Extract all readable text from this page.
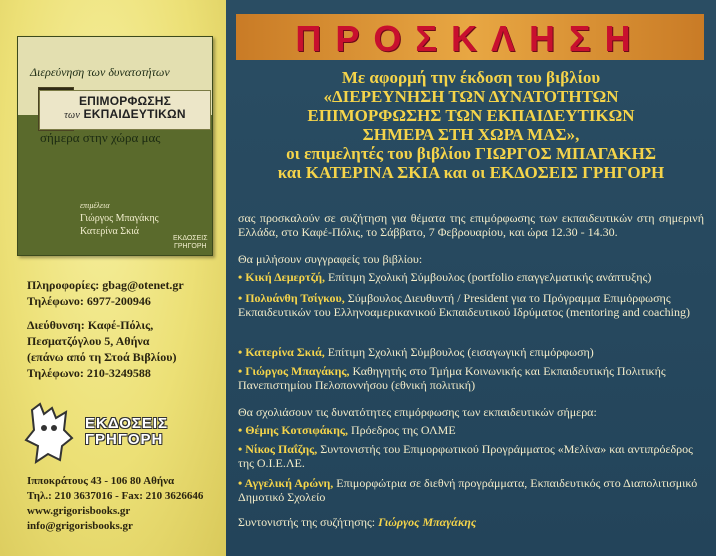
Διερεύνηση των δυνατοτήτων
ΕΠΙΜΟΡΦΩΣΗΣ
των ΕΚΠΑΙΔΕΥΤΙΚΩΝ
σήμερα στην χώρα μας
επιμέλεια
Γιώργος Μπαγάκης
Κατερίνα Σκιά
ΕΚΔΟΣΕΙΣ
ΓΡΗΓΟΡΗ
Πληροφορίες: gbag@otenet.gr
Τηλέφωνο: 6977-200946
Διεύθυνση: Καφέ-Πόλις,
Πεσματζόγλου 5, Αθήνα
(επάνω από τη Στοά Βιβλίου)
Τηλέφωνο: 210-3249588
ΕΚΔΟΣΕΙΣ
ΓΡΗΓΟΡΗ
Ιπποκράτους 43 - 106 80 Αθήνα
Τηλ.: 210 3637016 - Fax: 210 3626646
www.grigorisbooks.gr
info@grigorisbooks.gr
ΠΡΟΣΚΛΗΣΗ
Με αφορμή την έκδοση του βιβλίου
«ΔΙΕΡΕΥΝΗΣΗ ΤΩΝ ΔΥΝΑΤΟΤΗΤΩΝ
ΕΠΙΜΟΡΦΩΣΗΣ ΤΩΝ ΕΚΠΑΙΔΕΥΤΙΚΩΝ
ΣΗΜΕΡΑ ΣΤΗ ΧΩΡΑ ΜΑΣ»,
οι επιμελητές του βιβλίου ΓΙΩΡΓΟΣ ΜΠΑΓΑΚΗΣ
και ΚΑΤΕΡΙΝΑ ΣΚΙΑ και οι ΕΚΔΟΣΕΙΣ ΓΡΗΓΟΡΗ
σας προσκαλούν σε συζήτηση για θέματα της επιμόρφωσης των εκπαιδευτικών στη σημερινή Ελλάδα, στο Καφέ-Πόλις, το Σάββατο, 7 Φεβρουαρίου, και ώρα 12.30 - 14.30.
Θα μιλήσουν συγγραφείς του βιβλίου:
• Κική Δεμερτζή, Επίτιμη Σχολική Σύμβουλος (portfolio επαγγελματικής ανάπτυξης)
• Πολυάνθη Τσίγκου, Σύμβουλος Διευθυντή / President για το Πρόγραμμα Επιμόρφωσης Εκπαιδευτικών του Ελληνοαμερικανικού Εκπαιδευτικού Ιδρύματος (mentoring and coaching)
• Κατερίνα Σκιά, Επίτιμη Σχολική Σύμβουλος (εισαγωγική επιμόρφωση)
• Γιώργος Μπαγάκης, Καθηγητής στο Τμήμα Κοινωνικής και Εκπαιδευτικής Πολιτικής Πανεπιστημίου Πελοποννήσου (εθνική πολιτική)
Θα σχολιάσουν τις δυνατότητες επιμόρφωσης των εκπαιδευτικών σήμερα:
• Θέμης Κοτσιφάκης, Πρόεδρος της ΟΛΜΕ
• Νίκος Παΐζης, Συντονιστής του Επιμορφωτικού Προγράμματος «Μελίνα» και αντιπρόεδρος της Ο.Ι.Ε.ΛΕ.
• Αγγελική Αρώνη, Επιμορφώτρια σε διεθνή προγράμματα, Εκπαιδευτικός στο Διαπολιτισμικό Δημοτικό Σχολείο
Συντονιστής της συζήτησης: Γιώργος Μπαγάκης
